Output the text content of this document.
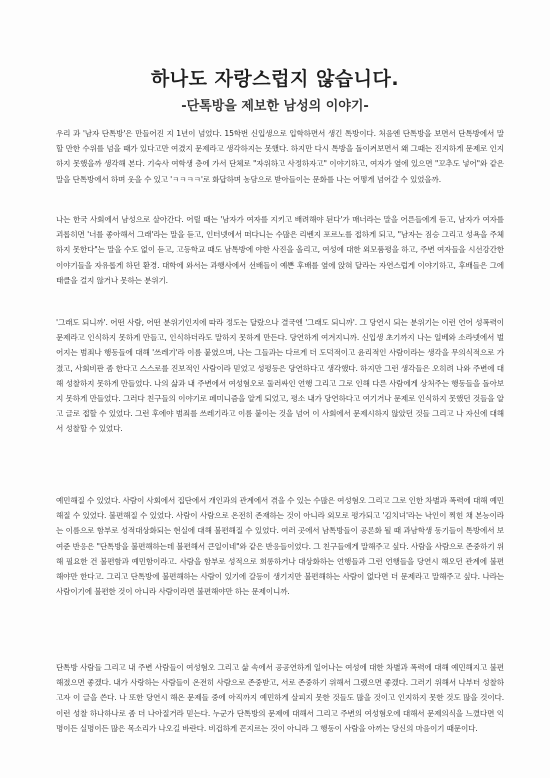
하나도 자랑스럽지 않습니다.
-단톡방을 제보한 남성의 이야기-

우리 과 '남자 단톡방'은 만들어진 지 1년이 넘었다. 15학번 신입생으로 입학하면서 생긴 톡방이다. 처음엔 단톡방을 보면서 단톡방에서 말할 만한 수위를 넘을 때가 있다고만 여겼지 문제라고 생각하지는 못했다. 하지만 다시 톡방을 돌이켜보면서 왜 그때는 진지하게 문제로 인지하지 못했을까 생각해 본다. 기숙사 여학생 층에 가서 단체로 "자위하고 사정하자고" 이야기하고, 여자가 옆에 있으면 "꼬추도 넣어"와 같은 말을 단톡방에서 하며 웃을 수 있고 'ㅋㅋㅋㅋ'로 화답하며 농담으로 받아들이는 문화를 나는 어떻게 넘어갈 수 있었을까.

나는 한국 사회에서 남성으로 살아간다. 어릴 때는 '남자가 여자를 지키고 배려해야 된다'가 매너라는 말을 어른들에게 듣고, 남자가 여자를 괴롭히면 '너를 좋아해서 그래'라는 말을 듣고, 인터넷에서 떠다니는 수많은 리벤지 포르노를 접하게 되고, "남자는 짐승 그리고 성욕을 주체하지 못한다"는 말을 수도 없이 듣고, 고등학교 때도 남톡방에 야한 사진을 올리고, 여성에 대한 외모품평을 하고, 주변 여자들을 시선강간한 이야기들을 자유롭게 하던 환경. 대학에 와서는 과행사에서 선배들이 예쁜 후배를 옆에 앉혀 달라는 자연스럽게 이야기하고, 후배들은 그에 태클을 걸지 않거나 못하는 분위기.

'그래도 되니까'. 어떤 사람, 어떤 분위기인지에 따라 정도는 달랐으나 결국엔 '그래도 되니까'. 그 당연시 되는 분위기는 이런 언어 성폭력이 문제라고 인식하지 못하게 만들고, 인식하더라도 말하지 못하게 만든다. 당연하게 여겨지니까. 신입생 초기까지 나는 일베와 소라넷에서 벌어지는 범죄나 행동들에 대해 '쓰레기'라 이름 붙였으며, 나는 그들과는 다르게 더 도덕적이고 윤리적인 사람이라는 생각을 무의식적으로 가졌고, 사회비판 좀 한다고 스스로를 진보적인 사람이라 믿었고 성평등은 당연하다고 생각했다. 하지만 그런 생각들은 오히려 나와 주변에 대해 성찰하지 못하게 만들었다. 나의 삶과 내 주변에서 여성혐오로 둘러싸인 언행 그리고 그로 인해 다른 사람에게 상처주는 행동들을 돌아보지 못하게 만들었다. 그러다 친구들의 이야기로 페미니즘을 알게 되었고, 평소 내가 당연하다고 여기거나 문제로 인식하지 못했던 것들을 알고 글로 접할 수 있었다. 그런 후에야 범죄를 쓰레기라고 이름 붙이는 것을 넘어 이 사회에서 문제시하지 않았던 것들 그리고 나 자신에 대해서 성찰할 수 있었다.

예민해질 수 있었다. 사람이 사회에서 집단에서 개인과의 관계에서 겪을 수 있는 수많은 여성혐오 그리고 그로 인한 차별과 폭력에 대해 예민해질 수 있었다. 불편해질 수 있었다. 사람이 사람으로 온전히 존재하는 것이 아니라 외모로 평가되고 '김치녀'라는 낙인이 찍힌 채 본능이라는 이름으로 함부로 성적대상화되는 현실에 대해 불편해질 수 있었다. 여러 곳에서 남톡방들이 공론화 될 때 과남학생 동기들이 톡방에서 보여준 반응은 "단톡방을 불편해하는데 불편해서 큰일이네"와 같은 반응들이었다. 그 친구들에게 말해주고 싶다. 사람을 사람으로 존중하기 위해 필요한 건 불편함과 예민함이라고. 사람을 함부로 성적으로 희롱하거나 대상화하는 언행들과 그런 언행들을 당연시 해오던 관계에 불편해야만 한다고. 그리고 단톡방에 불편해하는 사람이 있기에 갈등이 생기지만 불편해하는 사람이 없다면 더 문제라고 말해주고 싶다. 나라는 사람이기에 불편한 것이 아니라 사람이라면 불편해야만 하는 문제이니까.

단톡방 사람들 그리고 내 주변 사람들이 여성혐오 그리고 삶 속에서 공공연하게 일어나는 여성에 대한 차별과 폭력에 대해 예민해지고 불편해졌으면 좋겠다. 내가 사랑하는 사람들이 온전히 사람으로 존중받고, 서로 존중하기 위해서 그랬으면 좋겠다. 그러기 위해서 나부터 성찰하고자 이 글을 쓴다. 나 또한 당연시 해온 문제들 중에 아직까지 예민하게 살피지 못한 것들도 많을 것이고 인지하지 못한 것도 많을 것이다. 이런 성찰 하나하나로 좀 더 나아질거라 믿는다. 누군가 단톡방의 문제에 대해서 그리고 주변의 여성혐오에 대해서 문제의식을 느꼈다면 익명이든 실명이든 많은 목소리가 나오길 바란다. 비겁하게 꼰지르는 것이 아니라 그 행동이 사람을 아끼는 당신의 마음이기 때문이다.
